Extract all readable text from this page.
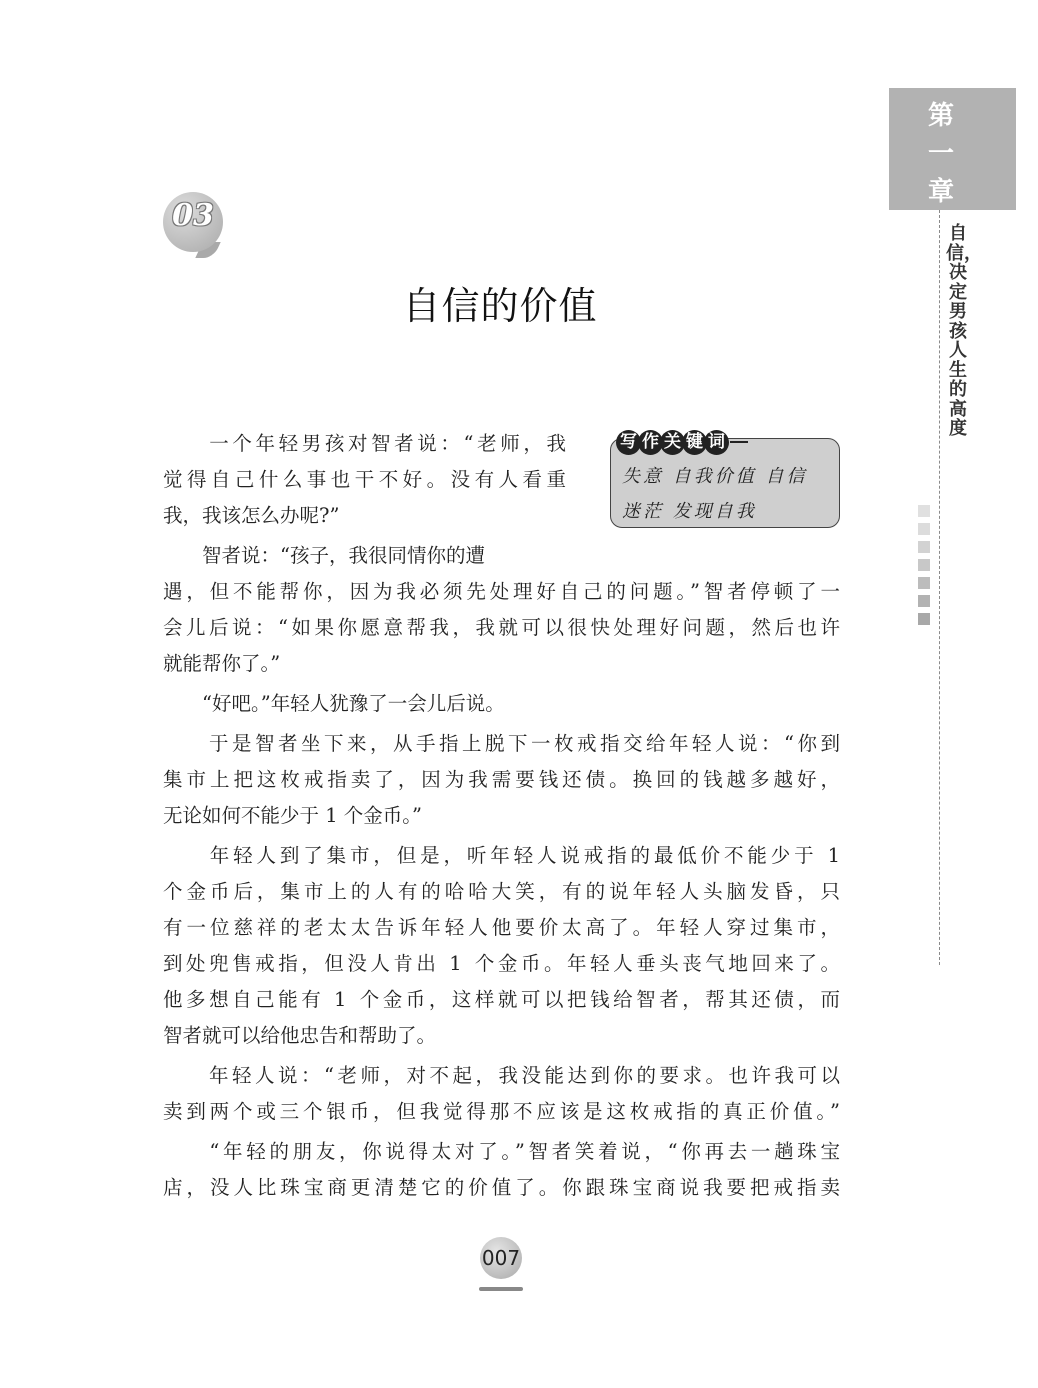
第
一
章
自信，决定男孩人生的高度
03
自信的价值
写 作 关 键 词
失意 自我价值 自信
迷茫 发现自我
　　一个年轻男孩对智者说：“老师，我
觉得自己什么事也干不好。没有人看重
我，我该怎么办呢?”
　　智者说：“孩子，我很同情你的遭
遇，但不能帮你，因为我必须先处理好自己的问题。”智者停顿了一
会儿后说：“如果你愿意帮我，我就可以很快处理好问题，然后也许
就能帮你了。”
　　“好吧。”年轻人犹豫了一会儿后说。
　　于是智者坐下来，从手指上脱下一枚戒指交给年轻人说：“你到
集市上把这枚戒指卖了，因为我需要钱还债。换回的钱越多越好，
无论如何不能少于 1 个金币。”
　　年轻人到了集市，但是，听年轻人说戒指的最低价不能少于 1
个金币后，集市上的人有的哈哈大笑，有的说年轻人头脑发昏，只
有一位慈祥的老太太告诉年轻人他要价太高了。年轻人穿过集市，
到处兜售戒指，但没人肯出 1 个金币。年轻人垂头丧气地回来了。
他多想自己能有 1 个金币，这样就可以把钱给智者，帮其还债，而
智者就可以给他忠告和帮助了。
　　年轻人说：“老师，对不起，我没能达到你的要求。也许我可以
卖到两个或三个银币，但我觉得那不应该是这枚戒指的真正价值。”
　　“年轻的朋友，你说得太对了。”智者笑着说，“你再去一趟珠宝
店，没人比珠宝商更清楚它的价值了。你跟珠宝商说我要把戒指卖
007
